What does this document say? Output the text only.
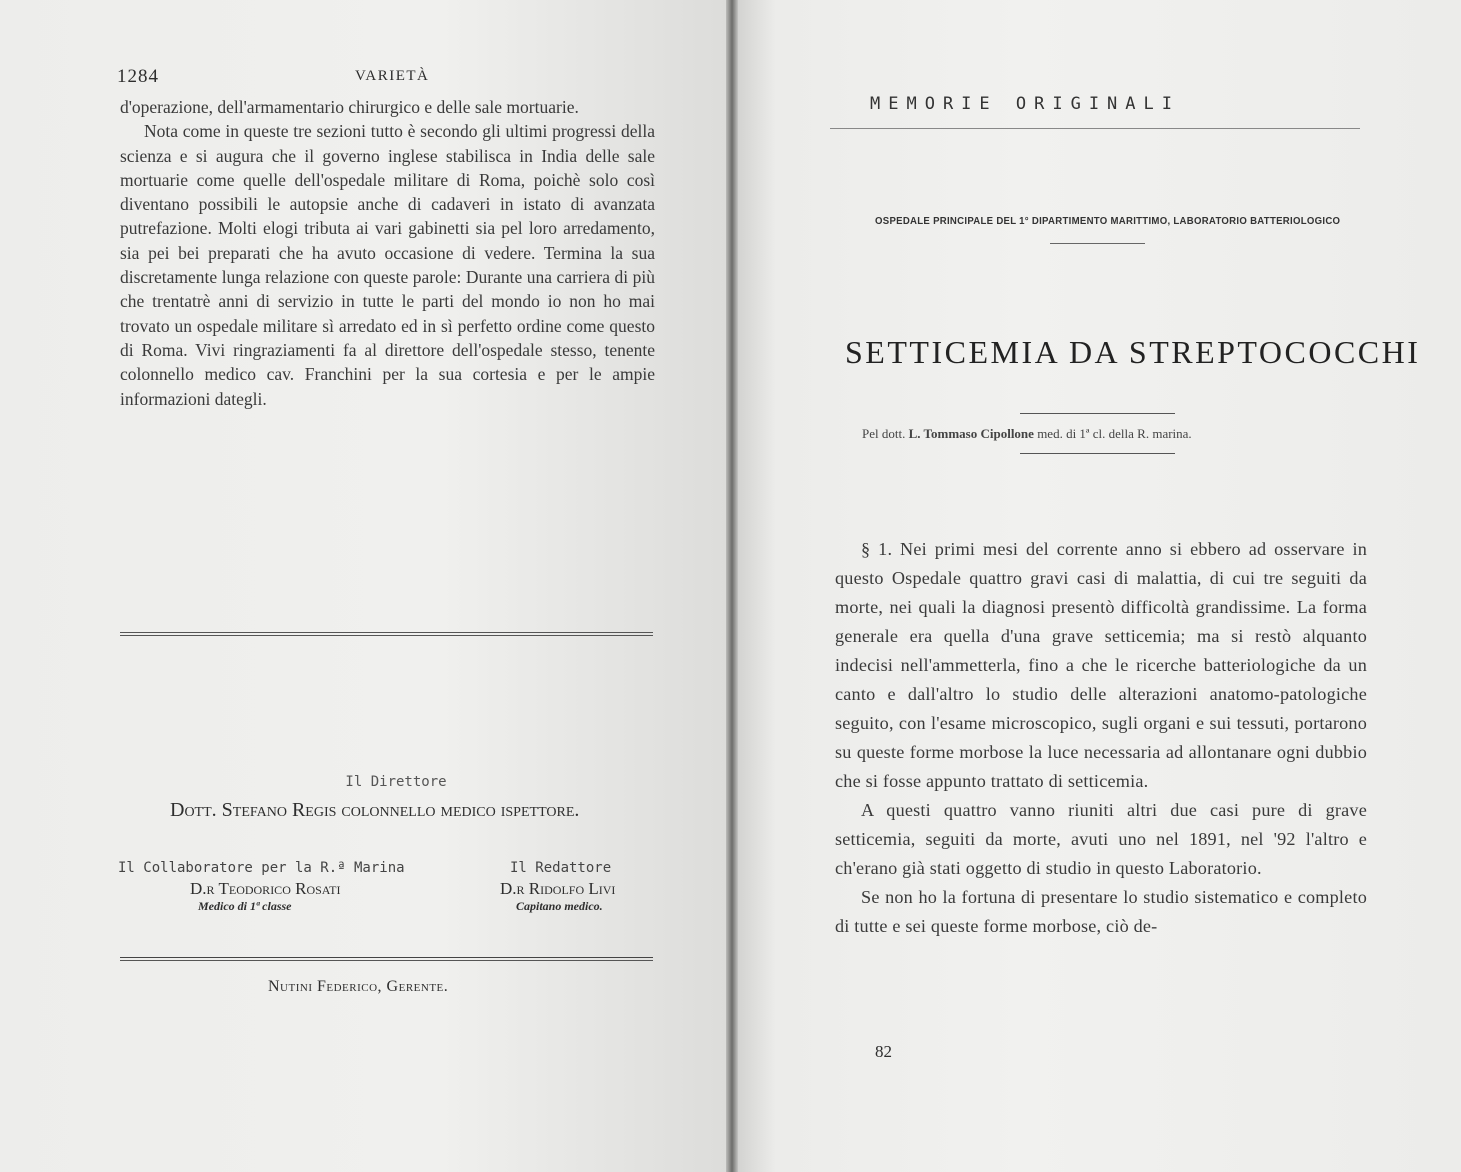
1284	VARIETÀ

d'operazione, dell'armamentario chirurgico e delle sale mortuarie.

Nota come in queste tre sezioni tutto è secondo gli ultimi progressi della scienza e si augura che il governo inglese stabilisca in India delle sale mortuarie come quelle dell'ospedale militare di Roma, poichè solo così diventano possibili le autopsie anche di cadaveri in istato di avanzata putrefazione. Molti elogi tributa ai vari gabinetti sia pel loro arredamento, sia pei bei preparati che ha avuto occasione di vedere. Termina la sua discretamente lunga relazione con queste parole: Durante una carriera di più che trentatrè anni di servizio in tutte le parti del mondo io non ho mai trovato un ospedale militare sì arredato ed in sì perfetto ordine come questo di Roma. Vivi ringraziamenti fa al direttore dell'ospedale stesso, tenente colonnello medico cav. Franchini per la sua cortesia e per le ampie informazioni dategli.

Il Direttore
Dott. Stefano Regis colonnello medico ispettore.
Il Collaboratore per la R.ª Marina
D.r Teodorico Rosati
Medico di 1ª classe
Il Redattore
D.r Ridolfo Livi
Capitano medico.
Nutini Federico, Gerente.
MEMORIE ORIGINALI
OSPEDALE PRINCIPALE DEL 1° DIPARTIMENTO MARITTIMO, LABORATORIO BATTERIOLOGICO
SETTICEMIA DA STREPTOCOCCHI
Pel dott. L. Tommaso Cipollone med. di 1ª cl. della R. marina.

§ 1. Nei primi mesi del corrente anno si ebbero ad osservare in questo Ospedale quattro gravi casi di malattia, di cui tre seguiti da morte, nei quali la diagnosi presentò difficoltà grandissime. La forma generale era quella d'una grave setticemia; ma si restò alquanto indecisi nell'ammetterla, fino a che le ricerche batteriologiche da un canto e dall'altro lo studio delle alterazioni anatomo-patologiche seguito, con l'esame microscopico, sugli organi e sui tessuti, portarono su queste forme morbose la luce necessaria ad allontanare ogni dubbio che si fosse appunto trattato di setticemia.

A questi quattro vanno riuniti altri due casi pure di grave setticemia, seguiti da morte, avuti uno nel 1891, nel '92 l'altro e ch'erano già stati oggetto di studio in questo Laboratorio.

Se non ho la fortuna di presentare lo studio sistematico e completo di tutte e sei queste forme morbose, ciò de-

82
